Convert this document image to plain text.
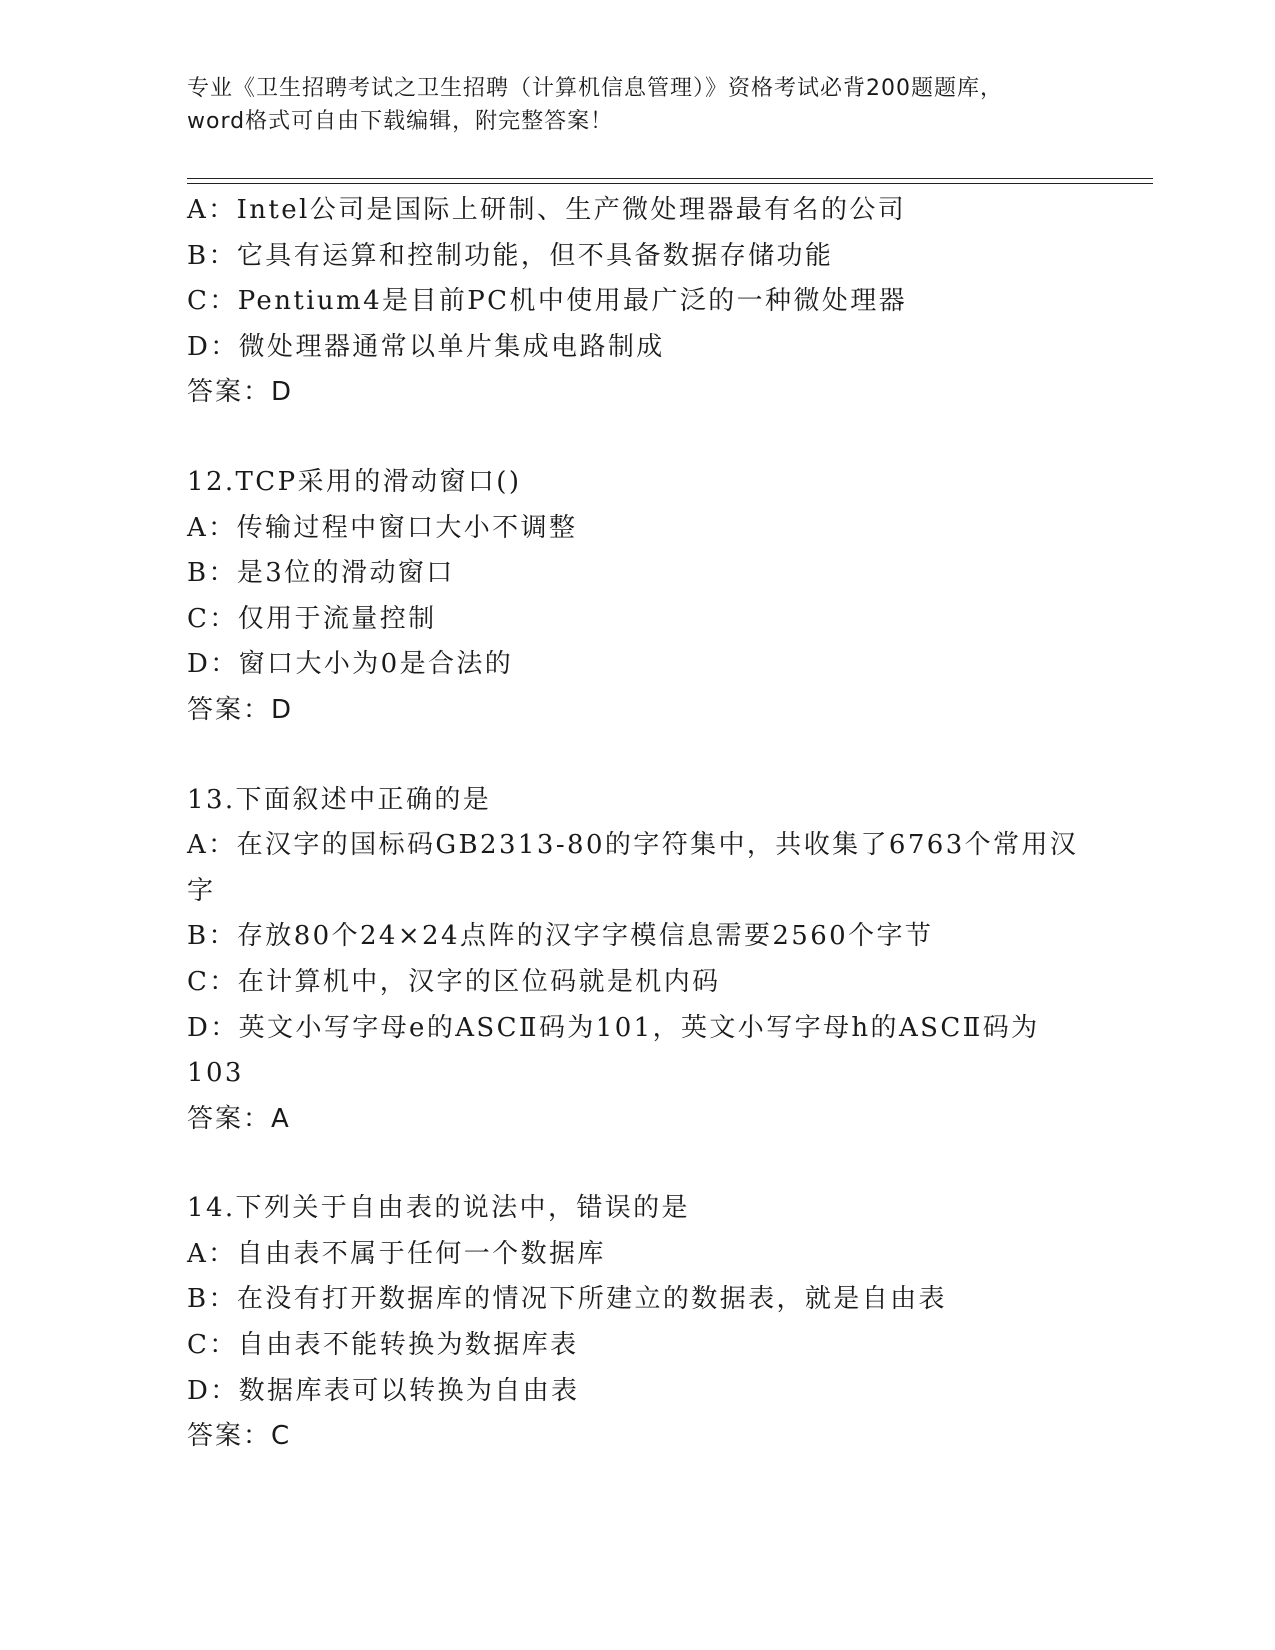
专业《卫生招聘考试之卫生招聘（计算机信息管理）》资格考试必背200题题库，
word格式可自由下载编辑，附完整答案！
A：Intel公司是国际上研制、生产微处理器最有名的公司
B：它具有运算和控制功能，但不具备数据存储功能
C：Pentium4是目前PC机中使用最广泛的一种微处理器
D：微处理器通常以单片集成电路制成
答案：D
12.TCP采用的滑动窗口()
A：传输过程中窗口大小不调整
B：是3位的滑动窗口
C：仅用于流量控制
D：窗口大小为0是合法的
答案：D
13.下面叙述中正确的是
A：在汉字的国标码GB2313-80的字符集中，共收集了6763个常用汉
字
B：存放80个24×24点阵的汉字字模信息需要2560个字节
C：在计算机中，汉字的区位码就是机内码
D：英文小写字母e的ASCⅡ码为101，英文小写字母h的ASCⅡ码为
103
答案：A
14.下列关于自由表的说法中，错误的是
A：自由表不属于任何一个数据库
B：在没有打开数据库的情况下所建立的数据表，就是自由表
C：自由表不能转换为数据库表
D：数据库表可以转换为自由表
答案：C
